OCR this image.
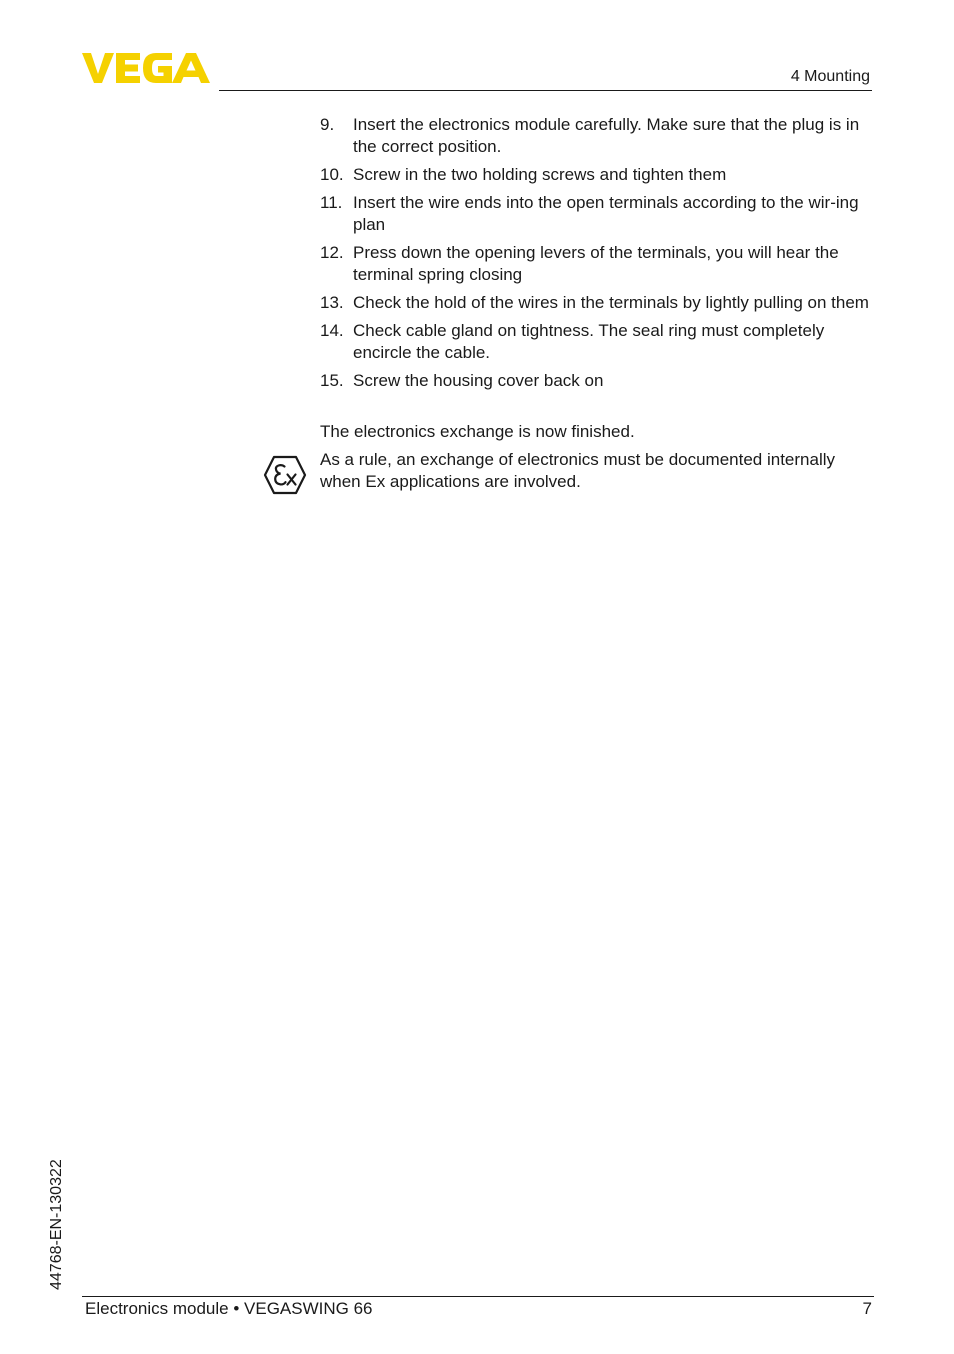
4 Mounting
9.	Insert the electronics module carefully. Make sure that the plug is in the correct position.
10. Screw in the two holding screws and tighten them
11. Insert the wire ends into the open terminals according to the wir-ing plan
12. Press down the opening levers of the terminals, you will hear the terminal spring closing
13. Check the hold of the wires in the terminals by lightly pulling on them
14. Check cable gland on tightness. The seal ring must completely encircle the cable.
15. Screw the housing cover back on
The electronics exchange is now finished.
As a rule, an exchange of electronics must be documented internally when Ex applications are involved.
44768-EN-130322
Electronics module • VEGASWING 66	7
